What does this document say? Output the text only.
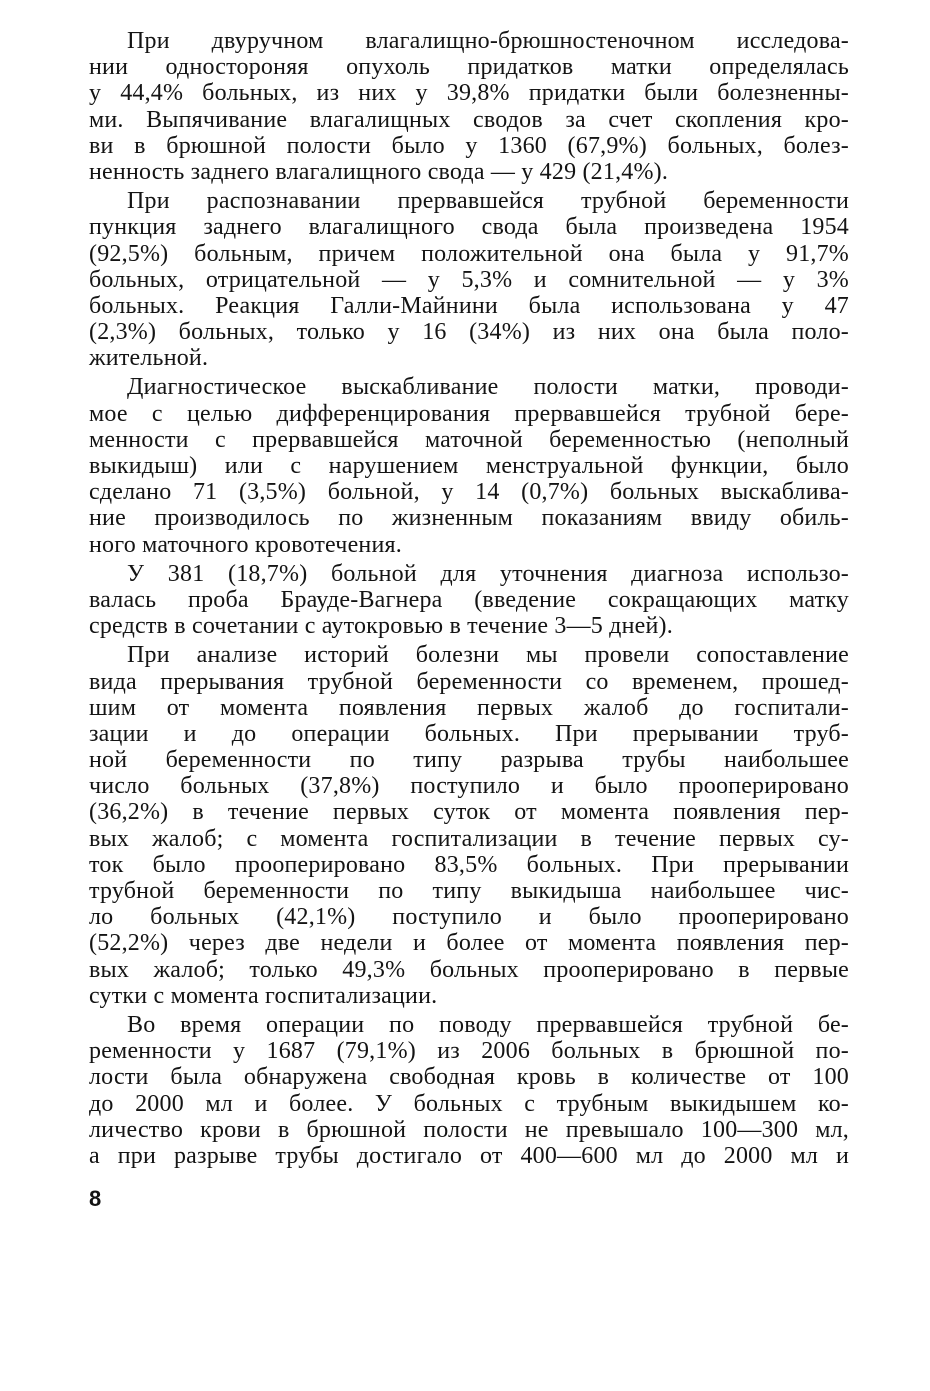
При двуручном влагалищно-брюшностеночном исследова-
нии одностороняя опухоль придатков матки определялась
у 44,4% больных, из них у 39,8% придатки были болезненны-
ми. Выпячивание влагалищных сводов за счет скопления кро-
ви в брюшной полости было у 1360 (67,9%) больных, болез-
ненность заднего влагалищного свода — у 429 (21,4%).

При распознавании прервавшейся трубной беременности
пункция заднего влагалищного свода была произведена 1954
(92,5%) больным, причем положительной она была у 91,7%
больных, отрицательной — у 5,3% и сомнительной — у 3%
больных. Реакция Галли-Майнини была использована у 47
(2,3%) больных, только у 16 (34%) из них она была поло-
жительной.

Диагностическое выскабливание полости матки, проводи-
мое с целью дифференцирования прервавшейся трубной бере-
менности с прервавшейся маточной беременностью (неполный
выкидыш) или с нарушением менструальной функции, было
сделано 71 (3,5%) больной, у 14 (0,7%) больных выскаблива-
ние производилось по жизненным показаниям ввиду обиль-
ного маточного кровотечения.

У 381 (18,7%) больной для уточнения диагноза использо-
валась проба Брауде-Вагнера (введение сокращающих матку
средств в сочетании с аутокровью в течение 3—5 дней).

При анализе историй болезни мы провели сопоставление
вида прерывания трубной беременности со временем, прошед-
шим от момента появления первых жалоб до госпитали-
зации и до операции больных. При прерывании труб-
ной беременности по типу разрыва трубы наибольшее
число больных (37,8%) поступило и было прооперировано
(36,2%) в течение первых суток от момента появления пер-
вых жалоб; с момента госпитализации в течение первых су-
ток было прооперировано 83,5% больных. При прерывании
трубной беременности по типу выкидыша наибольшее чис-
ло больных (42,1%) поступило и было прооперировано
(52,2%) через две недели и более от момента появления пер-
вых жалоб; только 49,3% больных прооперировано в первые
сутки с момента госпитализации.

Во время операции по поводу прервавшейся трубной бе-
ременности у 1687 (79,1%) из 2006 больных в брюшной по-
лости была обнаружена свободная кровь в количестве от 100
до 2000 мл и более. У больных с трубным выкидышем ко-
личество крови в брюшной полости не превышало 100—300 мл,
а при разрыве трубы достигало от 400—600 мл до 2000 мл и

8
